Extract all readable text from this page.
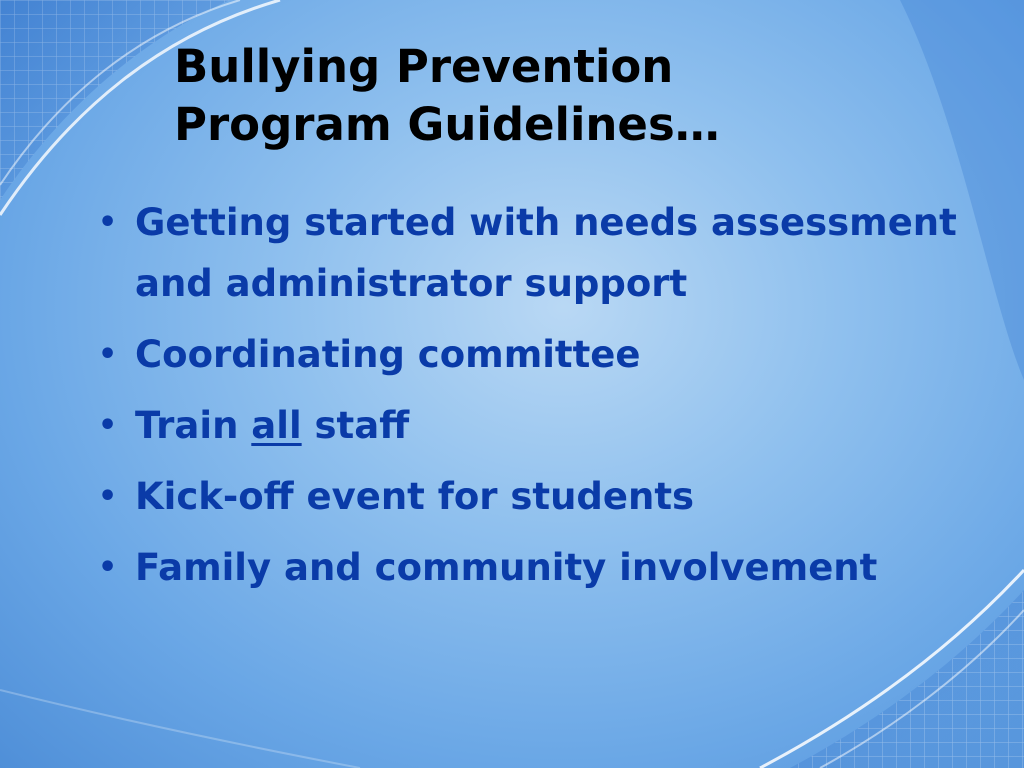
Bullying Prevention
Program Guidelines…
• Getting started with needs assessment and administrator support
• Coordinating committee
• Train all staff
• Kick-off event for students
• Family and community involvement
